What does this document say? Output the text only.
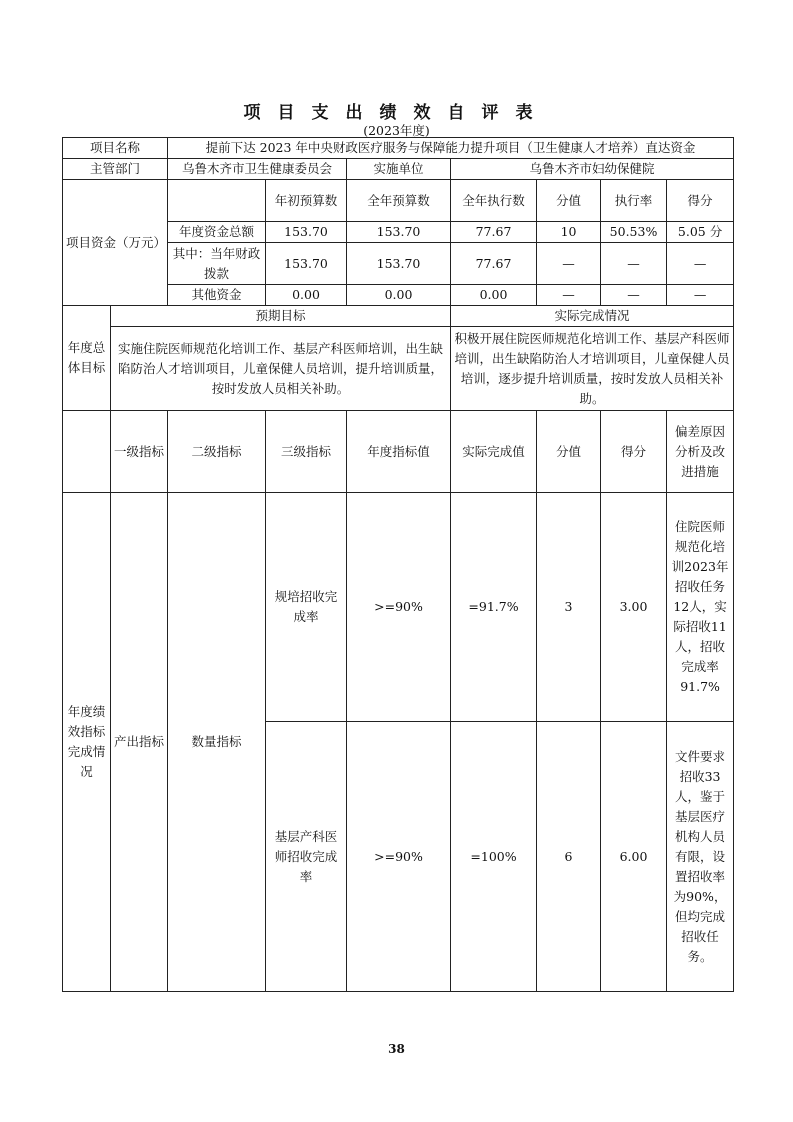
项目支出绩效自评表
(2023年度)
项目名称		提前下达 2023 年中央财政医疗服务与保障能力提升项目（卫生健康人才培养）直达资金						
主管部门		乌鲁木齐市卫生健康委员会		实施单位	乌鲁木齐市妇幼保健院			
项目资金（万元）			年初预算数	全年预算数	全年执行数	分值	执行率	得分
		年度资金总额	153.70	153.70	77.67	10	50.53%	5.05 分
		其中：当年财政拨款	153.70	153.70	77.67	—	—	—
		其他资金	0.00	0.00	0.00	—	—	—
年度总体目标	预期目标				实际完成情况			
	实施住院医师规范化培训工作、基层产科医师培训，出生缺陷防治人才培训项目，儿童保健人员培训，提升培训质量，按时发放人员相关补助。				积极开展住院医师规范化培训工作、基层产科医师培训，出生缺陷防治人才培训项目，儿童保健人员培训，逐步提升培训质量，按时发放人员相关补助。			
	一级指标	二级指标	三级指标	年度指标值	实际完成值	分值	得分	偏差原因分析及改进措施
年度绩效指标完成情况	产出指标	数量指标	规培招收完成率	>=90%	=91.7%	3	3.00	住院医师规范化培训2023年招收任务12人，实际招收11人，招收完成率91.7%
			基层产科医师招收完成率	>=90%	=100%	6	6.00	文件要求招收33人，鉴于基层医疗机构人员有限，设置招收率为90%，但均完成招收任务。
38
